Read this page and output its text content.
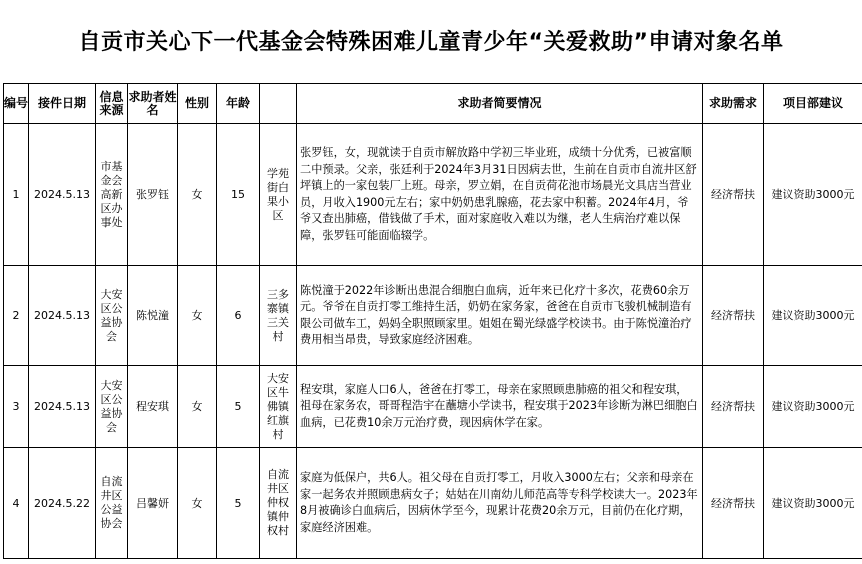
自贡市关心下一代基金会特殊困难儿童青少年“关爱救助”申请对象名单
编号	接件日期	信息来源	求助者姓名	性别	年龄		求助者简要情况	求助需求	项目部建议
1	2024.5.13	市基金会高新区办事处	张罗钰	女	15	学苑街白果小区	张罗钰，女，现就读于自贡市解放路中学初三毕业班，成绩十分优秀，已被富顺二中预录。父亲，张廷利于2024年3月31日因病去世，生前在自贡市自流井区舒坪镇上的一家包装厂上班。母亲，罗立娟，在自贡荷花池市场晨光文具店当营业员，月收入1900元左右；家中奶奶患乳腺癌，花去家中积蓄。2024年4月，爷爷又查出肺癌，借钱做了手术，面对家庭收入难以为继，老人生病治疗难以保障，张罗钰可能面临辍学。	经济帮扶	建议资助3000元
2	2024.5.13	大安区公益协会	陈悦潼	女	6	三多寨镇三关村	陈悦潼于2022年诊断出患混合细胞白血病，近年来已化疗十多次，花费60余万元。爷爷在自贡打零工维持生活，奶奶在家务家，爸爸在自贡市飞骏机械制造有限公司做车工，妈妈全职照顾家里。姐姐在蜀光绿盛学校读书。由于陈悦潼治疗费用相当昂贵，导致家庭经济困难。	经济帮扶	建议资助3000元
3	2024.5.13	大安区公益协会	程安琪	女	5	大安区牛佛镇红旗村	程安琪，家庭人口6人，爸爸在打零工，母亲在家照顾患肺癌的祖父和程安琪，祖母在家务农，哥哥程浩宇在蘸塘小学读书，程安琪于2023年诊断为淋巴细胞白血病，已花费10余万元治疗费，现因病休学在家。	经济帮扶	建议资助3000元
4	2024.5.22	自流井区公益协会	吕馨妍	女	5	自流井区仲权镇仲权村	家庭为低保户，共6人。祖父母在自贡打零工，月收入3000左右；父亲和母亲在家一起务农并照顾患病女子；姑姑在川南幼儿师范高等专科学校读大一。2023年8月被确诊白血病后，因病休学至今，现累计花费20余万元，目前仍在化疗期，家庭经济困难。	经济帮扶	建议资助3000元
